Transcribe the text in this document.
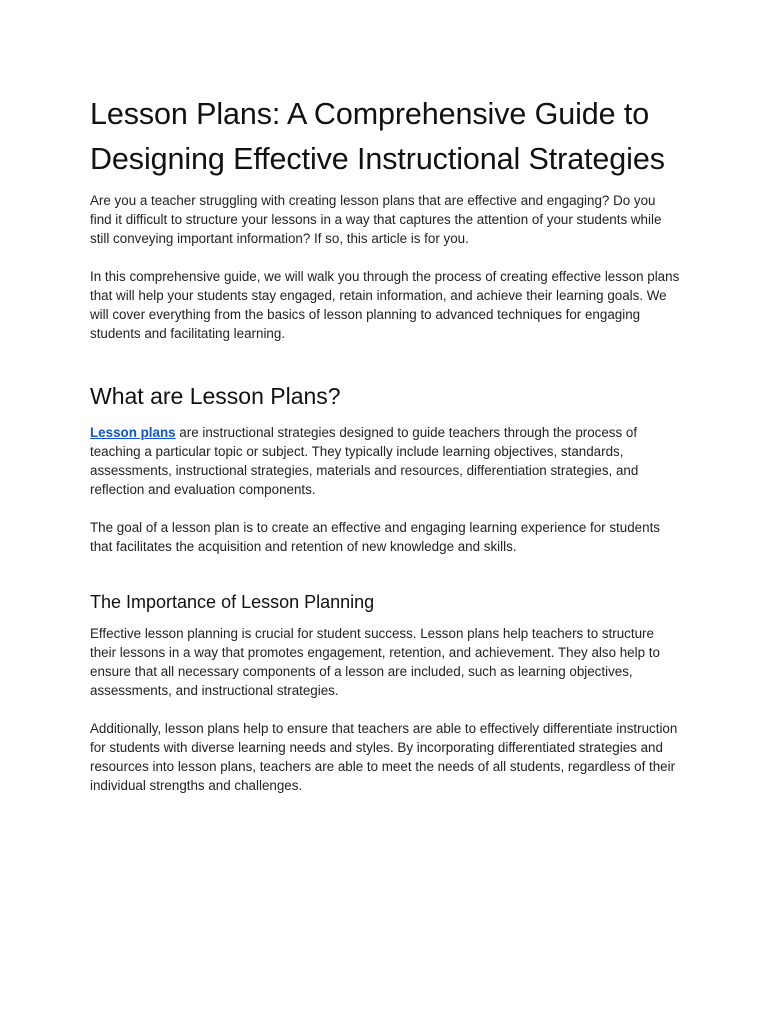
Lesson Plans: A Comprehensive Guide to Designing Effective Instructional Strategies

Are you a teacher struggling with creating lesson plans that are effective and engaging? Do you find it difficult to structure your lessons in a way that captures the attention of your students while still conveying important information? If so, this article is for you.

In this comprehensive guide, we will walk you through the process of creating effective lesson plans that will help your students stay engaged, retain information, and achieve their learning goals. We will cover everything from the basics of lesson planning to advanced techniques for engaging students and facilitating learning.

What are Lesson Plans?

Lesson plans are instructional strategies designed to guide teachers through the process of teaching a particular topic or subject. They typically include learning objectives, standards, assessments, instructional strategies, materials and resources, differentiation strategies, and reflection and evaluation components.

The goal of a lesson plan is to create an effective and engaging learning experience for students that facilitates the acquisition and retention of new knowledge and skills.

The Importance of Lesson Planning

Effective lesson planning is crucial for student success. Lesson plans help teachers to structure their lessons in a way that promotes engagement, retention, and achievement. They also help to ensure that all necessary components of a lesson are included, such as learning objectives, assessments, and instructional strategies.

Additionally, lesson plans help to ensure that teachers are able to effectively differentiate instruction for students with diverse learning needs and styles. By incorporating differentiated strategies and resources into lesson plans, teachers are able to meet the needs of all students, regardless of their individual strengths and challenges.
